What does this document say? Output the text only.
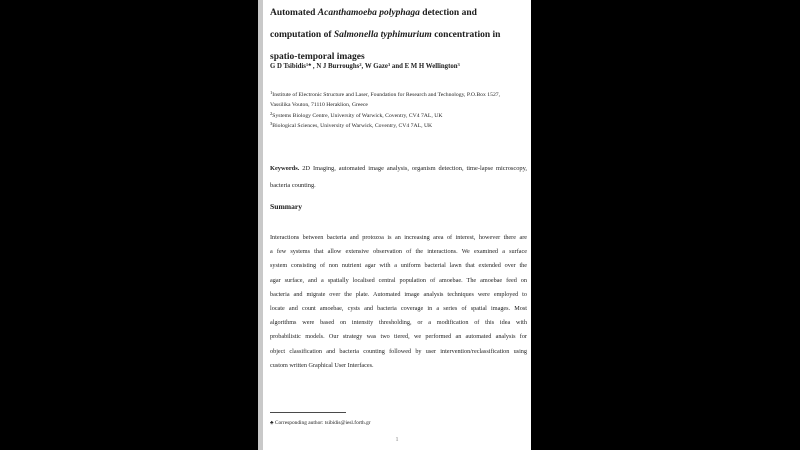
Automated Acanthamoeba polyphaga detection and
computation of Salmonella typhimurium concentration in
spatio-temporal images
G D Tsibidis$^{1♣}$ , N J Burroughs$^2$, W Gaze$^3$ and E M H Wellington$^3$
$^1$Institute of Electronic Structure and Laser, Foundation for Research and Technology, P.O.Box 1527,
Vassilika Vouton, 71110 Heraklion, Greece
$^2$Systems Biology Centre, University of Warwick, Coventry, CV4 7AL, UK
$^3$Biological Sciences, University of Warwick, Coventry, CV4 7AL, UK
Keywords. 2D Imaging, automated image analysis, organism detection, time-lapse microscopy, bacteria counting.
Summary
Interactions between bacteria and protozoa is an increasing area of interest, however there are
a few systems that allow extensive observation of the interactions. We examined a surface
system consisting of non nutrient agar with a uniform bacterial lawn that extended over the
agar surface, and a spatially localised central population of amoebae. The amoebae feed on
bacteria and migrate over the plate. Automated image analysis techniques were employed to
locate and count amoebae, cysts and bacteria coverage in a series of spatial images. Most
algorithms were based on intensity thresholding, or a modification of this idea with
probabilistic models. Our strategy was two tiered, we performed an automated analysis for
object classification and bacteria counting followed by user intervention/reclassification using
custom written Graphical User Interfaces.
♣ Corresponding author: tsibidis@iesl.forth.gr
1
